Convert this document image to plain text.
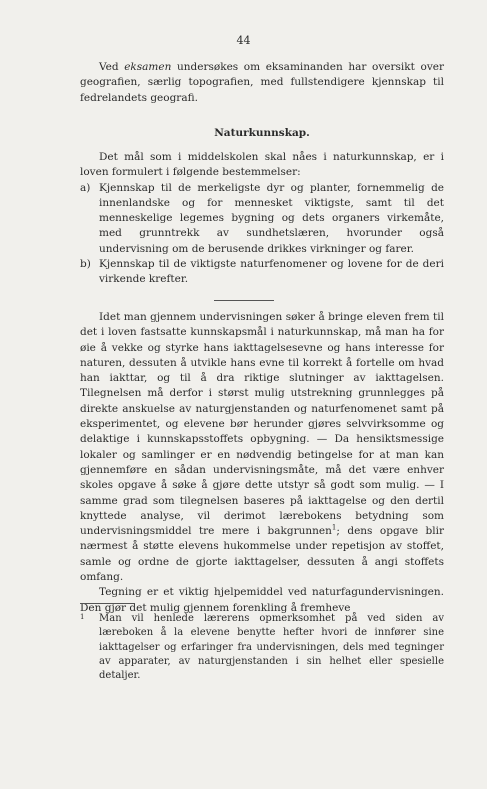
44

Ved eksamen undersøkes om eksaminanden har oversikt over geografien, særlig topografien, med fullstendigere kjennskap til fedrelandets geografi.

Naturkunnskap.

Det mål som i middelskolen skal nåes i naturkunnskap, er i loven formulert i følgende bestemmelser:

a) Kjennskap til de merkeligste dyr og planter, fornemmelig de innenlandske og for mennesket viktigste, samt til det menneskelige legemes bygning og dets organers virkemåte, med grunntrekk av sundhetslæren, hvorunder også undervisning om de berusende drikkes virkninger og farer.
b) Kjennskap til de viktigste naturfenomener og lovene for de deri virkende krefter.

Idet man gjennem undervisningen søker å bringe eleven frem til det i loven fastsatte kunnskapsmål i naturkunnskap, må man ha for øie å vekke og styrke hans iakttagelsesevne og hans interesse for naturen, dessuten å utvikle hans evne til korrekt å fortelle om hvad han iakttar, og til å dra riktige slutninger av iakttagelsen. Tilegnelsen må derfor i størst mulig utstrekning grunnlegges på direkte anskuelse av naturgjenstanden og naturfenomenet samt på eksperimentet, og elevene bør herunder gjøres selvvirksomme og delaktige i kunnskapsstoffets opbygning. — Da hensiktsmessige lokaler og samlinger er en nødvendig betingelse for at man kan gjennemføre en sådan undervisningsmåte, må det være enhver skoles opgave å søke å gjøre dette utstyr så godt som mulig. — I samme grad som tilegnelsen baseres på iakttagelse og den dertil knyttede analyse, vil derimot lærebokens betydning som undervisningsmiddel tre mere i bakgrunnen$^1$; dens opgave blir nærmest å støtte elevens hukommelse under repetisjon av stoffet, samle og ordne de gjorte iakttagelser, dessuten å angi stoffets omfang.

Tegning er et viktig hjelpemiddel ved naturfagundervisningen. Den gjør det mulig gjennem forenkling å fremheve

1 Man vil henlede lærerens opmerksomhet på ved siden av læreboken å la elevene benytte hefter hvori de innfører sine iakttagelser og erfaringer fra undervisningen, dels med tegninger av apparater, av naturgjenstanden i sin helhet eller spesielle detaljer.
